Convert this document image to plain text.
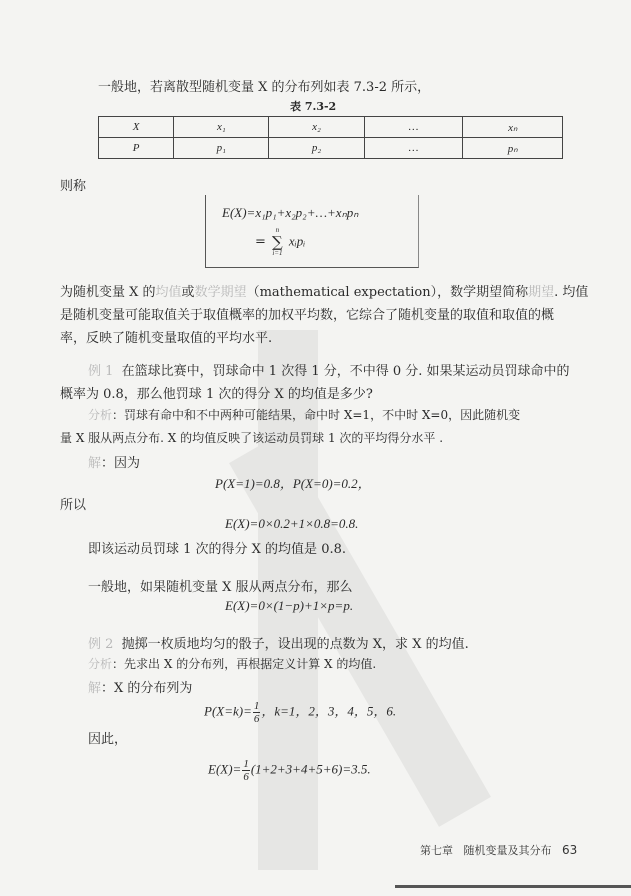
一般地，若离散型随机变量 X 的分布列如表 7.3-2 所示，
表 7.3-2
X	x₁	x₂	…	xₙ
P	p₁	p₂	…	pₙ
则称
E(X)=x₁p₁+x₂p₂+…+xₙpₙ
=
n
∑
i=1
xᵢpᵢ
为随机变量 X 的均值或数学期望（mathematical expectation），数学期望简称期望. 均值
是随机变量可能取值关于取值概率的加权平均数，它综合了随机变量的取值和取值的概
率，反映了随机变量取值的平均水平.
例 1 在篮球比赛中，罚球命中 1 次得 1 分，不中得 0 分. 如果某运动员罚球命中的
概率为 0.8，那么他罚球 1 次的得分 X 的均值是多少?
分析：罚球有命中和不中两种可能结果，命中时 X=1，不中时 X=0，因此随机变
量 X 服从两点分布. X 的均值反映了该运动员罚球 1 次的平均得分水平 .
解：因为
P(X=1)=0.8，P(X=0)=0.2，
所以
E(X)=0×0.2+1×0.8=0.8.
即该运动员罚球 1 次的得分 X 的均值是 0.8.
一般地，如果随机变量 X 服从两点分布，那么
E(X)=0×(1−p)+1×p=p.
例 2 抛掷一枚质地均匀的骰子，设出现的点数为 X，求 X 的均值.
分析：先求出 X 的分布列，再根据定义计算 X 的均值.
解：X 的分布列为
$P(X=k)= \frac{1}{6}$ ，k=1，2，3，4，5，6.
因此，
$E(X)= \frac{1}{6} (1+2+3+4+5+6)=3.5$.
第七章 随机变量及其分布 63
